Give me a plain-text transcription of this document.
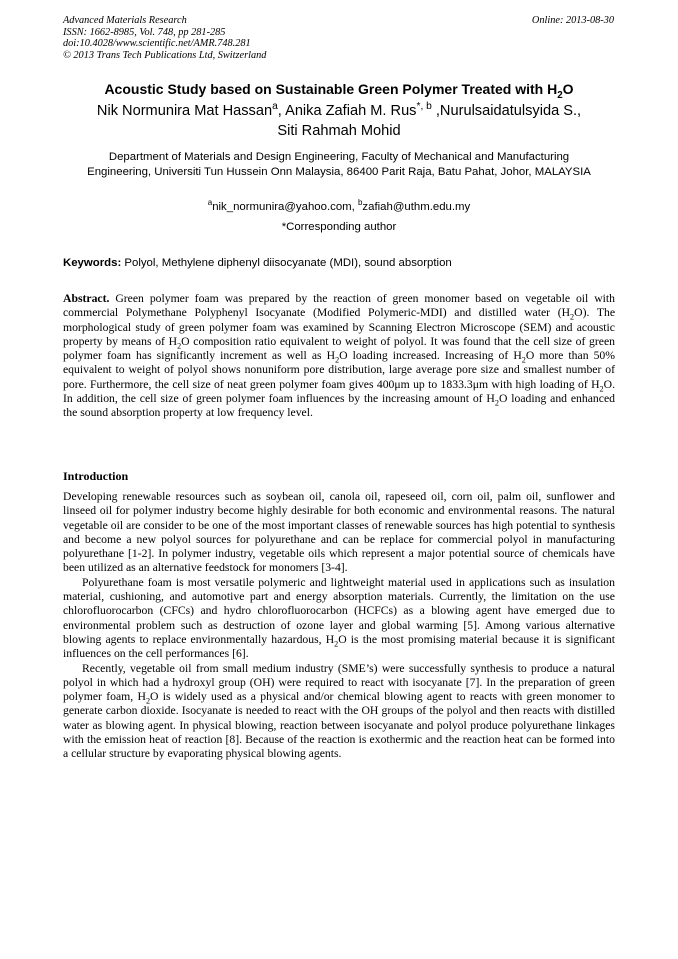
Advanced Materials Research
ISSN: 1662-8985, Vol. 748, pp 281-285
doi:10.4028/www.scientific.net/AMR.748.281
© 2013 Trans Tech Publications Ltd, Switzerland
Online: 2013-08-30
Acoustic Study based on Sustainable Green Polymer Treated with $H_2O$
Nik Normunira Mat Hassan$^a$, Anika Zafiah M. Rus$^{*, b}$ ,Nurulsaidatulsyida S.,
Siti Rahmah Mohid
Department of Materials and Design Engineering, Faculty of Mechanical and Manufacturing Engineering, Universiti Tun Hussein Onn Malaysia, 86400 Parit Raja, Batu Pahat, Johor, MALAYSIA
$^a$nik_normunira@yahoo.com, $^b$zafiah@uthm.edu.my
*Corresponding author
Keywords: Polyol, Methylene diphenyl diisocyanate (MDI), sound absorption
Abstract. Green polymer foam was prepared by the reaction of green monomer based on vegetable oil with commercial Polymethane Polyphenyl Isocyanate (Modified Polymeric-MDI) and distilled water $(H_2O)$. The morphological study of green polymer foam was examined by Scanning Electron Microscope (SEM) and acoustic property by means of $H_2O$ composition ratio equivalent to weight of polyol. It was found that the cell size of green polymer foam has significantly increment as well as $H_2O$ loading increased. Increasing of $H_2O$ more than 50% equivalent to weight of polyol shows nonuniform pore distribution, large average pore size and smallest number of pore. Furthermore, the cell size of neat green polymer foam gives 400μm up to 1833.3μm with high loading of $H_2O$. In addition, the cell size of green polymer foam influences by the increasing amount of $H_2O$ loading and enhanced the sound absorption property at low frequency level.
Introduction

Developing renewable resources such as soybean oil, canola oil, rapeseed oil, corn oil, palm oil, sunflower and linseed oil for polymer industry become highly desirable for both economic and environmental reasons. The natural vegetable oil are consider to be one of the most important classes of renewable sources has high potential to synthesis and become a new polyol sources for polyurethane and can be replace for commercial polyol in manufacturing polyurethane [1-2]. In polymer industry, vegetable oils which represent a major potential source of chemicals have been utilized as an alternative feedstock for monomers [3-4].

Polyurethane foam is most versatile polymeric and lightweight material used in applications such as insulation material, cushioning, and automotive part and energy absorption materials. Currently, the limitation on the use chlorofluorocarbon (CFCs) and hydro chlorofluorocarbon (HCFCs) as a blowing agent have emerged due to environmental problem such as destruction of ozone layer and global warming [5]. Among various alternative blowing agents to replace environmentally hazardous, $H_2O$ is the most promising material because it is significant influences on the cell performances [6].

Recently, vegetable oil from small medium industry (SME’s) were successfully synthesis to produce a natural polyol in which had a hydroxyl group (OH) were required to react with isocyanate [7]. In the preparation of green polymer foam, $H_2O$ is widely used as a physical and/or chemical blowing agent to reacts with green monomer to generate carbon dioxide. Isocyanate is needed to react with the OH groups of the polyol and then reacts with distilled water as blowing agent. In physical blowing, reaction between isocyanate and polyol produce polyurethane linkages with the emission heat of reaction [8]. Because of the reaction is exothermic and the reaction heat can be formed into a cellular structure by evaporating physical blowing agents.
